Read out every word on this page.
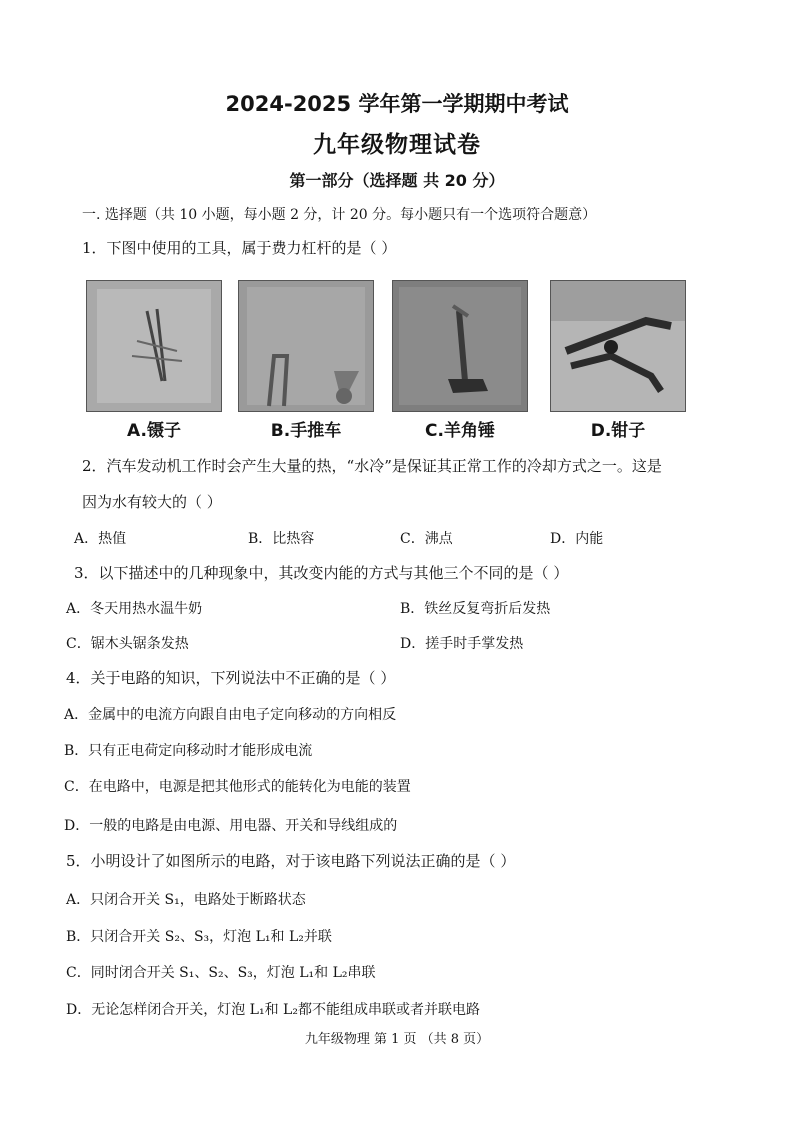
2024-2025 学年第一学期期中考试
九年级物理试卷
第一部分（选择题 共 20 分）
一. 选择题（共 10 小题，每小题 2 分，计 20 分。每小题只有一个选项符合题意）
1．下图中使用的工具，属于费力杠杆的是（ ）
A.镊子	B.手推车	C.羊角锤	D.钳子
2．汽车发动机工作时会产生大量的热，“水冷”是保证其正常工作的冷却方式之一。这是
因为水有较大的（ ）
A．热值	B．比热容	C．沸点	D．内能
3．以下描述中的几种现象中，其改变内能的方式与其他三个不同的是（ ）
A．冬天用热水温牛奶	B．铁丝反复弯折后发热
C．锯木头锯条发热	D．搓手时手掌发热
4．关于电路的知识，下列说法中不正确的是（ ）
A．金属中的电流方向跟自由电子定向移动的方向相反
B．只有正电荷定向移动时才能形成电流
C．在电路中，电源是把其他形式的能转化为电能的装置
D．一般的电路是由电源、用电器、开关和导线组成的
5．小明设计了如图所示的电路，对于该电路下列说法正确的是（ ）
A．只闭合开关 S₁，电路处于断路状态
B．只闭合开关 S₂、S₃，灯泡 L₁和 L₂并联
C．同时闭合开关 S₁、S₂、S₃，灯泡 L₁和 L₂串联
D．无论怎样闭合开关，灯泡 L₁和 L₂都不能组成串联或者并联电路
九年级物理 第 1 页 （共 8 页）
